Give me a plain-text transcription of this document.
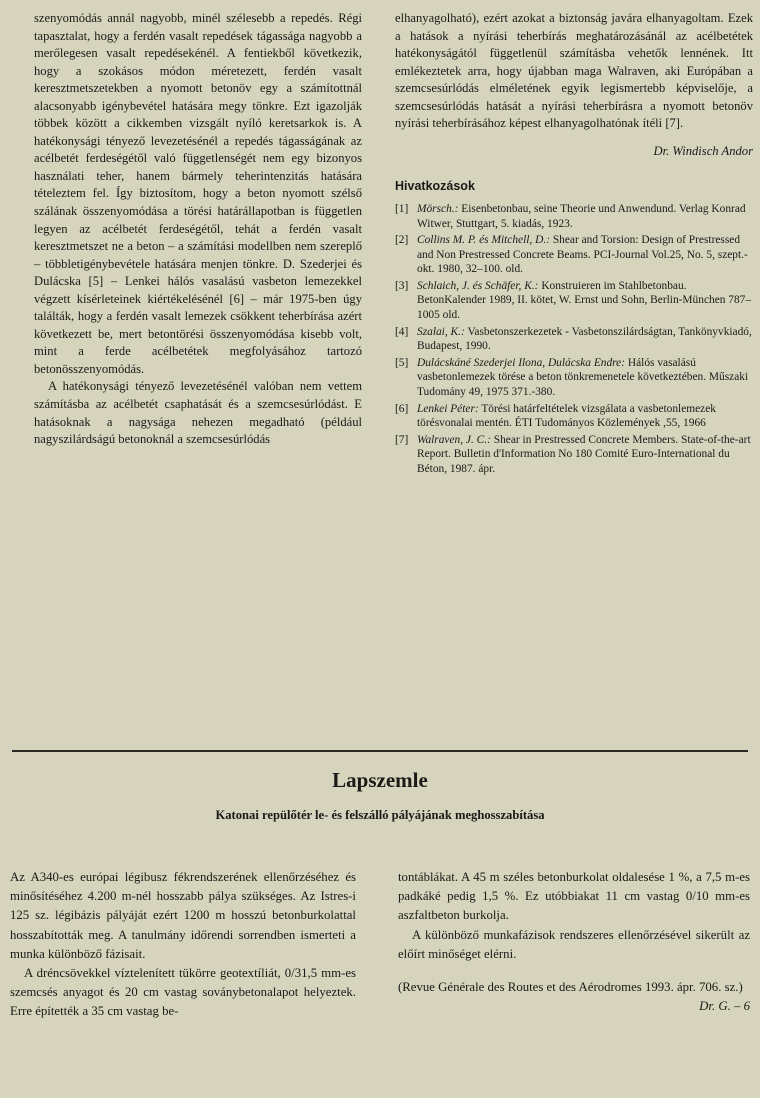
szenyomódás annál nagyobb, minél szélesebb a repedés. Régi tapasztalat, hogy a ferdén vasalt repedések tágassága nagyobb a merőlegesen vasalt repedésekénél. A fentiekből következik, hogy a szokásos módon méretezett, ferdén vasalt keresztmetszetekben a nyomott betonöv egy a számítottnál alacsonyabb igénybevétel hatására megy tönkre. Ezt igazolják többek között a cikkemben vizsgált nyíló keretsarkok is. A hatékonysági tényező levezetésénél a repedés tágasságának az acélbetét ferdeségétől való függetlenségét nem egy bizonyos használati teher, hanem bármely teherintenzitás hatására tételeztem fel. Így biztosítom, hogy a beton nyomott szélső szálának összenyomódása a törési határállapotban is független legyen az acélbetét ferdeségétől, tehát a ferdén vasalt keresztmetszet ne a beton – a számítási modellben nem szereplő – többletigénybevétele hatására menjen tönkre. D. Szederjei és Dulácska [5] – Lenkei hálós vasalású vasbeton lemezekkel végzett kísérleteinek kiértékelésénél [6] – már 1975-ben úgy találták, hogy a ferdén vasalt lemezek csökkent teherbírása azért következett be, mert betontörési összenyomódása kisebb volt, mint a ferde acélbetétek megfolyásához tartozó betonösszenyomódás.

A hatékonysági tényező levezetésénél valóban nem vettem számításba az acélbetét csaphatását és a szemcsesúrlódást. E hatásoknak a nagysága nehezen megadható (például nagyszilárdságú betonoknál a szemcsesúrlódás

elhanyagolható), ezért azokat a biztonság javára elhanyagoltam. Ezek a hatások a nyírási teherbírás meghatározásánál az acélbetétek hatékonyságától függetlenül számításba vehetők lennének. Itt emlékeztetek arra, hogy újabban maga Walraven, aki Európában a szemcsesúrlódás elméletének egyik legismertebb képviselője, a szemcsesúrlódás hatását a nyírási teherbírásra a nyomott betonöv nyírási teherbírásához képest elhanyagolhatónak ítéli [7].

Dr. Windisch Andor

Hivatkozások

[1] Mörsch.: Eisenbetonbau, seine Theorie und Anwendund. Verlag Konrad Witwer, Stuttgart, 5. kiadás, 1923.
[2] Collins M. P. és Mitchell, D.: Shear and Torsion: Design of Prestressed and Non Prestressed Concrete Beams. PCI-Journal Vol.25, No. 5, szept.- okt. 1980, 32–100. old.
[3] Schlaich, J. és Schäfer, K.: Konstruieren im Stahlbetonbau. BetonKalender 1989, II. kötet, W. Ernst und Sohn, Berlin-München 787–1005 old.
[4] Szalai, K.: Vasbetonszerkezetek - Vasbetonszilárdságtan, Tankönyvkiadó, Budapest, 1990.
[5] Dulácskáné Szederjei Ilona, Dulácska Endre: Hálós vasalású vasbetonlemezek törése a beton tönkremenetele következtében. Műszaki Tudomány 49, 1975 371.-380.
[6] Lenkei Péter: Törési határfeltételek vizsgálata a vasbetonlemezek törésvonalai mentén. ÉTI Tudományos Közlemények ,55, 1966
[7] Walraven, J. C.: Shear in Prestressed Concrete Members. State-of-the-art Report. Bulletin d'Information No 180 Comité Euro-International du Béton, 1987. ápr.
Lapszemle
Katonai repülőtér le- és felszálló pályájának meghosszabítása

Az A340-es európai légibusz fékrendszerének ellenőrzéséhez és minősítéséhez 4.200 m-nél hosszabb pálya szükséges. Az Istres-i 125 sz. légibázis pályáját ezért 1200 m hosszú betonburkolattal hosszabították meg. A tanulmány időrendi sorrendben ismerteti a munka különböző fázisait.

A dréncsövekkel víztelenített tükörre geotextíliát, 0/31,5 mm-es szemcsés anyagot és 20 cm vastag soványbetonalapot helyeztek. Erre építették a 35 cm vastag be-

tontáblákat. A 45 m széles betonburkolat oldalesése 1 %, a 7,5 m-es padkáké pedig 1,5 %. Ez utóbbiakat 11 cm vastag 0/10 mm-es aszfaltbeton burkolja.

A különböző munkafázisok rendszeres ellenőrzésével sikerült az előírt minőséget elérni.

(Revue Générale des Routes et des Aérodromes 1993. ápr. 706. sz.)

Dr. G. – 6
